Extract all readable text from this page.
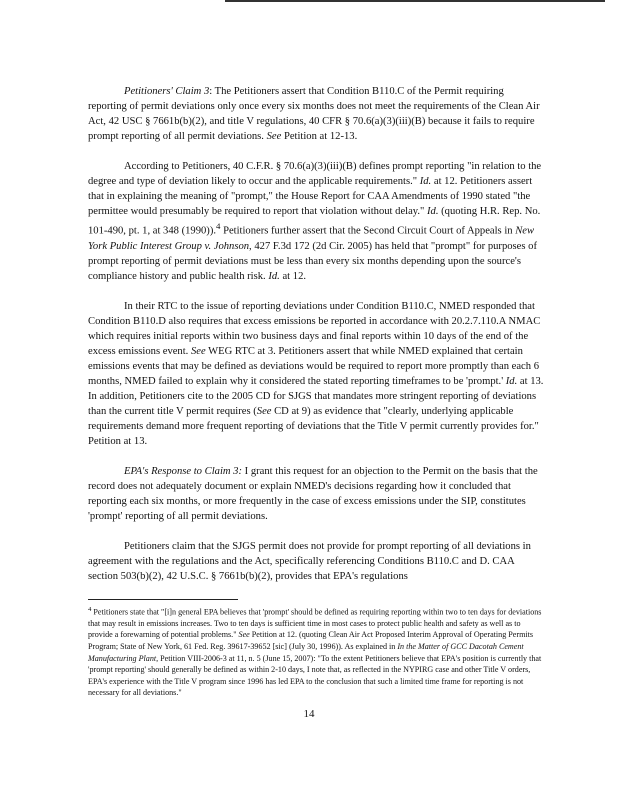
Petitioners' Claim 3: The Petitioners assert that Condition B110.C of the Permit requiring reporting of permit deviations only once every six months does not meet the requirements of the Clean Air Act, 42 USC § 7661b(b)(2), and title V regulations, 40 CFR § 70.6(a)(3)(iii)(B) because it fails to require prompt reporting of all permit deviations. See Petition at 12-13.

According to Petitioners, 40 C.F.R. § 70.6(a)(3)(iii)(B) defines prompt reporting "in relation to the degree and type of deviation likely to occur and the applicable requirements." Id. at 12. Petitioners assert that in explaining the meaning of "prompt," the House Report for CAA Amendments of 1990 stated "the permittee would presumably be required to report that violation without delay." Id. (quoting H.R. Rep. No. 101-490, pt. 1, at 348 (1990)).$^4$ Petitioners further assert that the Second Circuit Court of Appeals in New York Public Interest Group v. Johnson, 427 F.3d 172 (2d Cir. 2005) has held that "prompt" for purposes of prompt reporting of permit deviations must be less than every six months depending upon the source's compliance history and public health risk. Id. at 12.

In their RTC to the issue of reporting deviations under Condition B110.C, NMED responded that Condition B110.D also requires that excess emissions be reported in accordance with 20.2.7.110.A NMAC which requires initial reports within two business days and final reports within 10 days of the end of the excess emissions event. See WEG RTC at 3. Petitioners assert that while NMED explained that certain emissions events that may be defined as deviations would be required to report more promptly than each 6 months, NMED failed to explain why it considered the stated reporting timeframes to be 'prompt.' Id. at 13. In addition, Petitioners cite to the 2005 CD for SJGS that mandates more stringent reporting of deviations than the current title V permit requires (See CD at 9) as evidence that "clearly, underlying applicable requirements demand more frequent reporting of deviations that the Title V permit currently provides for." Petition at 13.

EPA's Response to Claim 3: I grant this request for an objection to the Permit on the basis that the record does not adequately document or explain NMED's decisions regarding how it concluded that reporting each six months, or more frequently in the case of excess emissions under the SIP, constitutes 'prompt' reporting of all permit deviations.

Petitioners claim that the SJGS permit does not provide for prompt reporting of all deviations in agreement with the regulations and the Act, specifically referencing Conditions B110.C and D. CAA section 503(b)(2), 42 U.S.C. § 7661b(b)(2), provides that EPA's regulations

$^4$ Petitioners state that "[i]n general EPA believes that 'prompt' should be defined as requiring reporting within two to ten days for deviations that may result in emissions increases. Two to ten days is sufficient time in most cases to protect public health and safety as well as to provide a forewarning of potential problems." See Petition at 12. (quoting Clean Air Act Proposed Interim Approval of Operating Permits Program; State of New York, 61 Fed. Reg. 39617-39652 [sic] (July 30, 1996)). As explained in In the Matter of GCC Dacotah Cement Manufacturing Plant, Petition VIII-2006-3 at 11, n. 5 (June 15, 2007): "To the extent Petitioners believe that EPA's position is currently that 'prompt reporting' should generally be defined as within 2-10 days, I note that, as reflected in the NYPIRG case and other Title V orders, EPA's experience with the Title V program since 1996 has led EPA to the conclusion that such a limited time frame for reporting is not necessary for all deviations."

14
